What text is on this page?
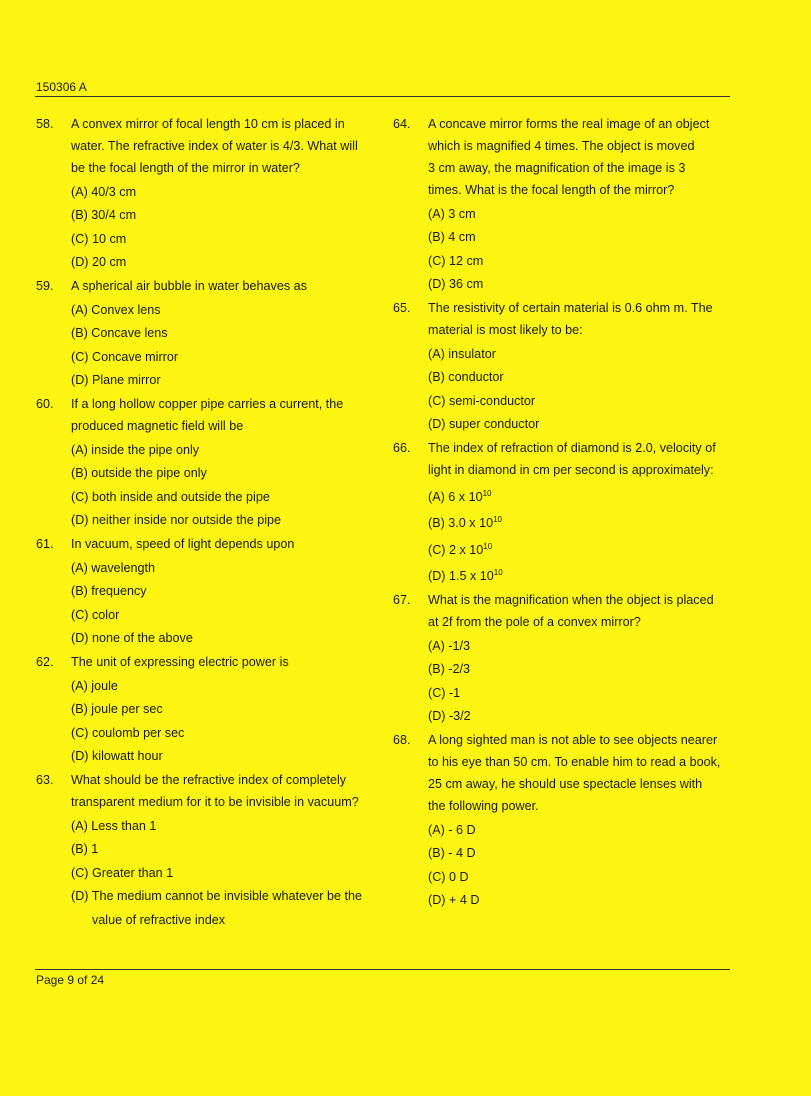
150306 A
58. A convex mirror of focal length 10 cm is placed in
water. The refractive index of water is 4/3. What will
be the focal length of the mirror in water?
(A) 40/3 cm
(B) 30/4 cm
(C) 10 cm
(D) 20 cm
59. A spherical air bubble in water behaves as
(A) Convex lens
(B) Concave lens
(C) Concave mirror
(D) Plane mirror
60. If a long hollow copper pipe carries a current, the
produced magnetic field will be
(A) inside the pipe only
(B) outside the pipe only
(C) both inside and outside the pipe
(D) neither inside nor outside the pipe
61. In vacuum, speed of light depends upon
(A) wavelength
(B) frequency
(C) color
(D) none of the above
62. The unit of expressing electric power is
(A) joule
(B) joule per sec
(C) coulomb per sec
(D) kilowatt hour
63. What should be the refractive index of completely
transparent medium for it to be invisible in vacuum?
(A) Less than 1
(B) 1
(C) Greater than 1
(D) The medium cannot be invisible whatever be the
value of refractive index
64. A concave mirror forms the real image of an object
which is magnified 4 times. The object is moved
3 cm away, the magnification of the image is 3
times. What is the focal length of the mirror?
(A) 3 cm
(B) 4 cm
(C) 12 cm
(D) 36 cm
65. The resistivity of certain material is 0.6 ohm m. The
material is most likely to be:
(A) insulator
(B) conductor
(C) semi-conductor
(D) super conductor
66. The index of refraction of diamond is 2.0, velocity of
light in diamond in cm per second is approximately:
(A) 6 x $10^{10}$
(B) 3.0 x $10^{10}$
(C) 2 x $10^{10}$
(D) 1.5 x $10^{10}$
67. What is the magnification when the object is placed
at 2f from the pole of a convex mirror?
(A) -1/3
(B) -2/3
(C) -1
(D) -3/2
68. A long sighted man is not able to see objects nearer
to his eye than 50 cm. To enable him to read a book,
25 cm away, he should use spectacle lenses with
the following power.
(A) - 6 D
(B) - 4 D
(C) 0 D
(D) + 4 D
Page 9 of 24
